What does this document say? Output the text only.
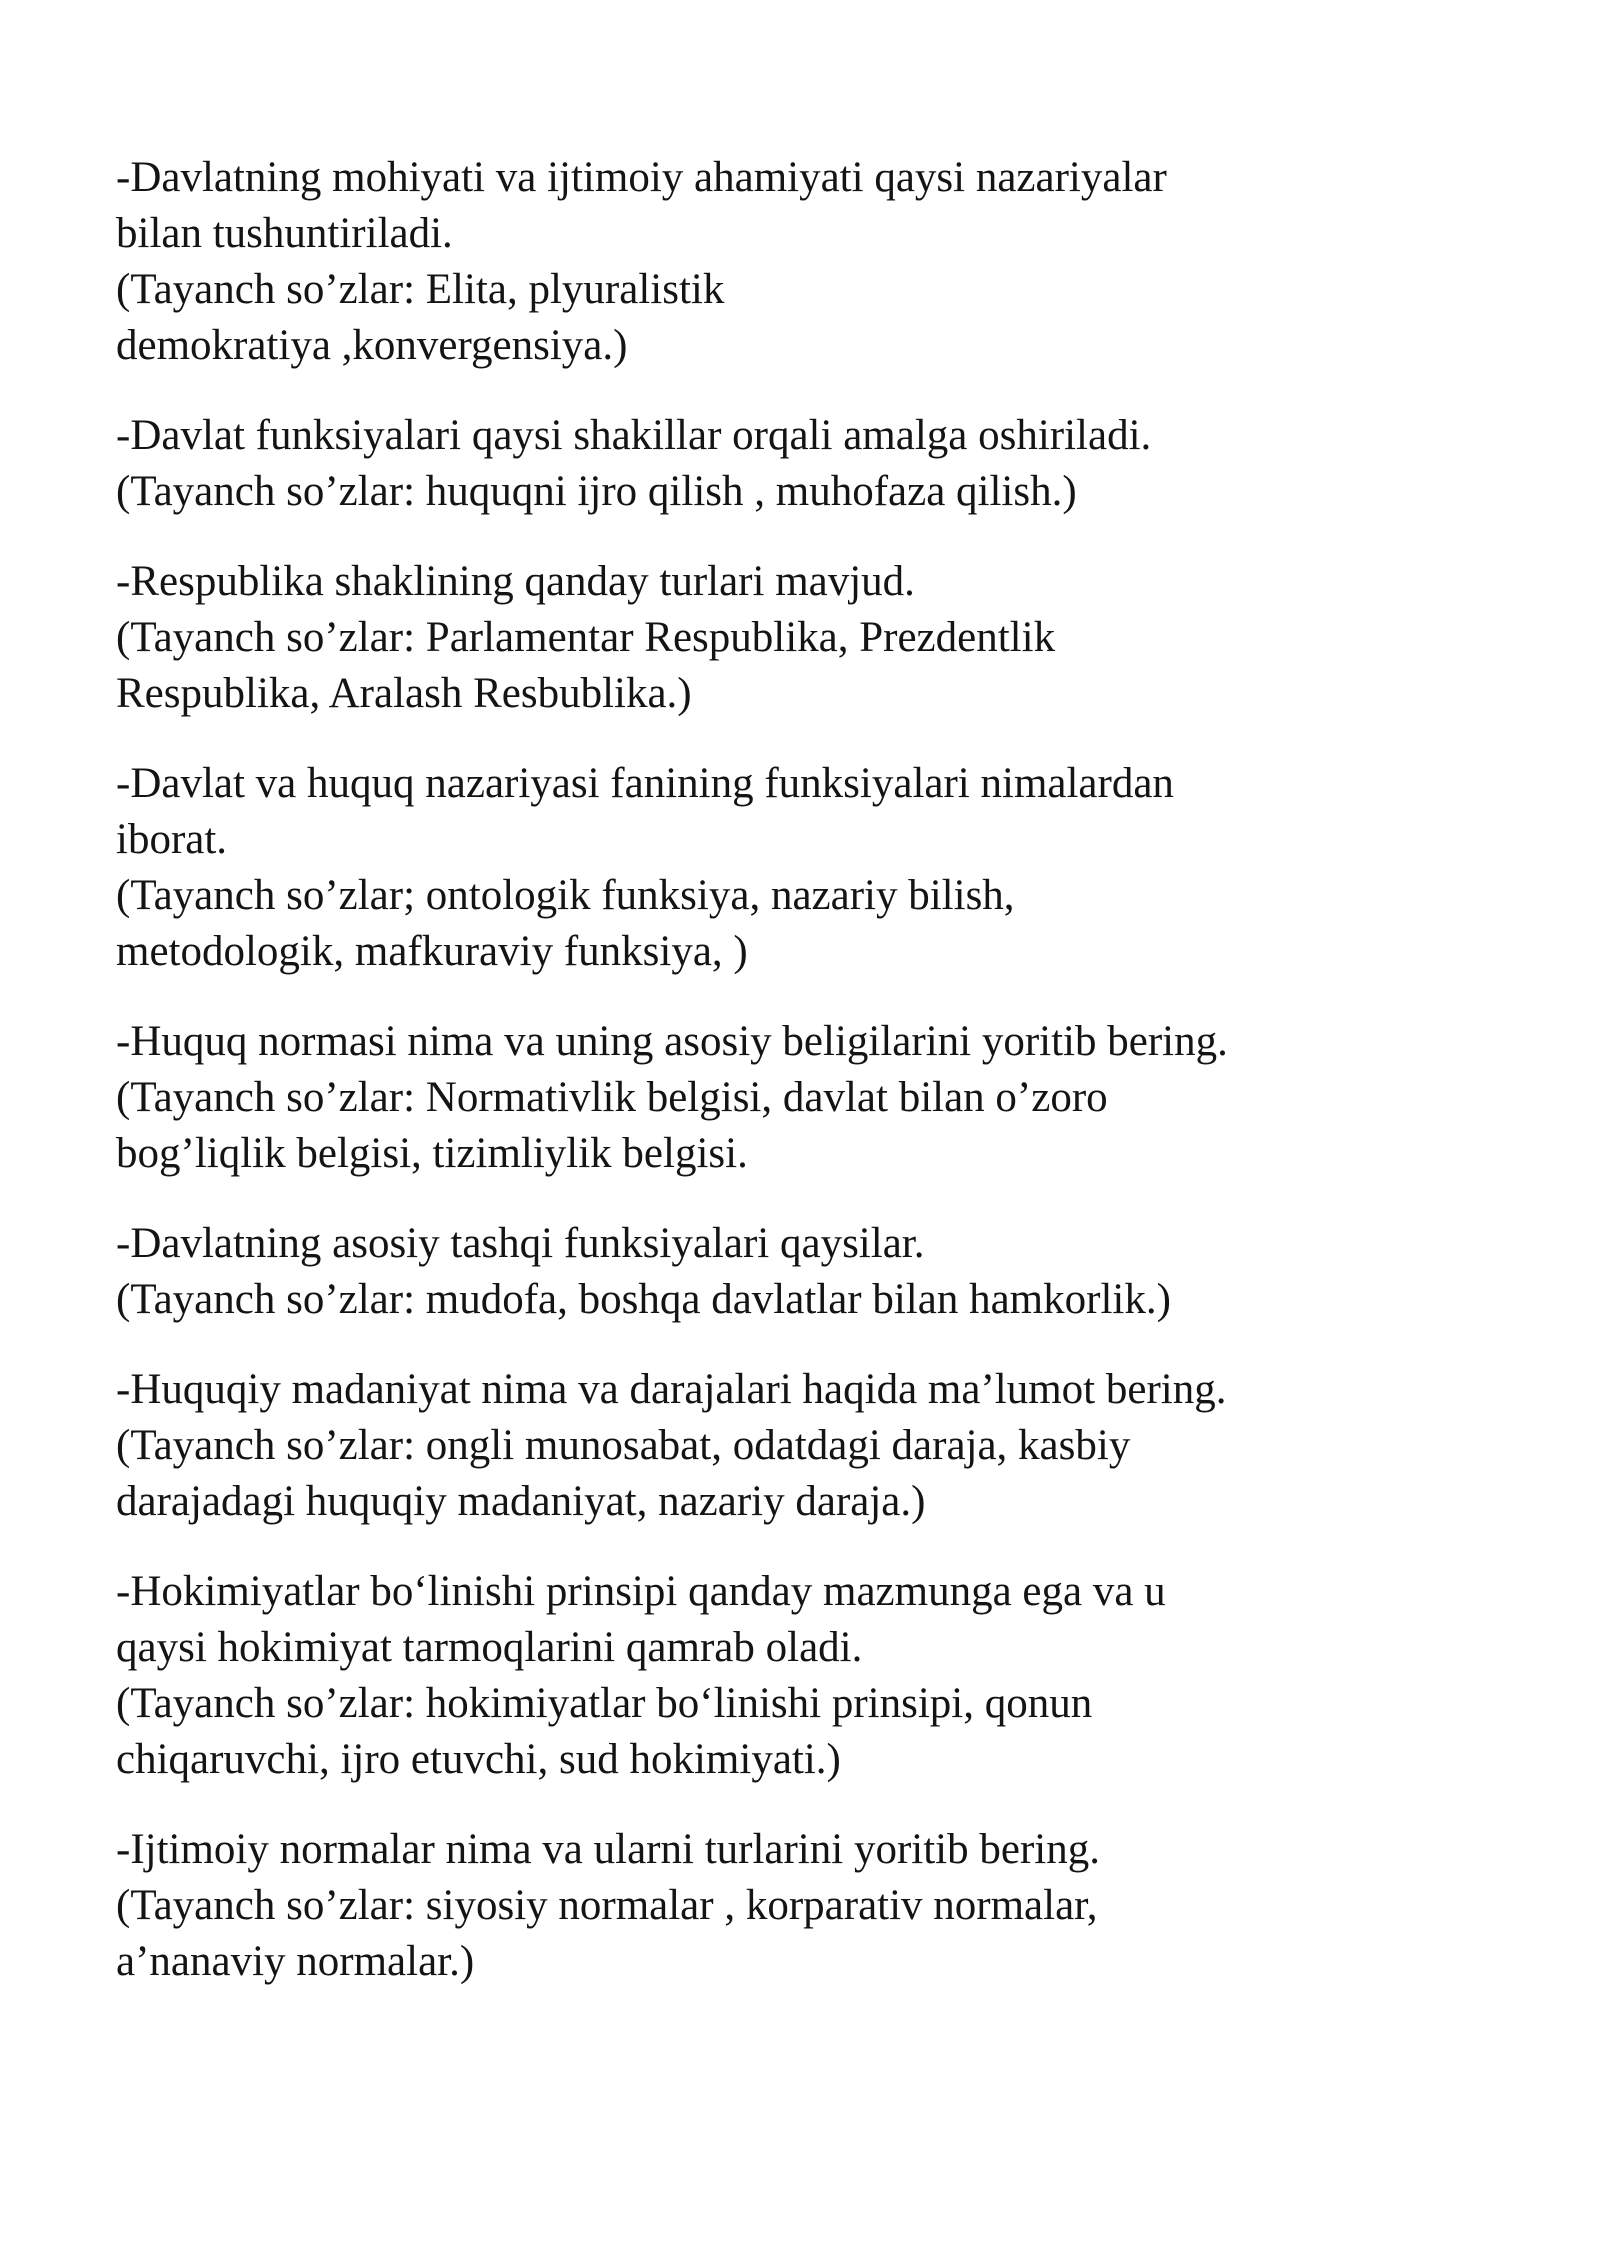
-Davlatning mohiyati va ijtimoiy ahamiyati qaysi nazariyalar

bilan tushuntiriladi.

(Tayanch so’zlar: Elita, plyuralistik

demokratiya ,konvergensiya.)

-Davlat funksiyalari qaysi shakillar orqali amalga oshiriladi.

(Tayanch so’zlar: huquqni ijro qilish , muhofaza qilish.)

-Respublika shaklining qanday turlari mavjud.

(Tayanch so’zlar: Parlamentar Respublika, Prezdentlik

Respublika, Aralash Resbublika.)

-Davlat va huquq nazariyasi fanining funksiyalari nimalardan

iborat.

(Tayanch so’zlar; ontologik funksiya, nazariy bilish,

metodologik, mafkuraviy funksiya, )

-Huquq normasi nima va uning asosiy beligilarini yoritib bering.

(Tayanch so’zlar: Normativlik belgisi, davlat bilan o’zoro

bog’liqlik belgisi, tizimliylik belgisi.

-Davlatning asosiy tashqi funksiyalari qaysilar.

(Tayanch so’zlar: mudofa, boshqa davlatlar bilan hamkorlik.)

-Huquqiy madaniyat nima va darajalari haqida ma’lumot bering.

(Tayanch so’zlar: ongli munosabat, odatdagi daraja, kasbiy

darajadagi huquqiy madaniyat, nazariy daraja.)

-Hokimiyatlar bo‘linishi prinsipi qanday mazmunga ega va u

qaysi hokimiyat tarmoqlarini qamrab oladi.

(Tayanch so’zlar: hokimiyatlar bo‘linishi prinsipi, qonun

chiqaruvchi, ijro etuvchi, sud hokimiyati.)

-Ijtimoiy normalar nima va ularni turlarini yoritib bering.

(Tayanch so’zlar: siyosiy normalar , korparativ normalar,

a’nanaviy normalar.)
